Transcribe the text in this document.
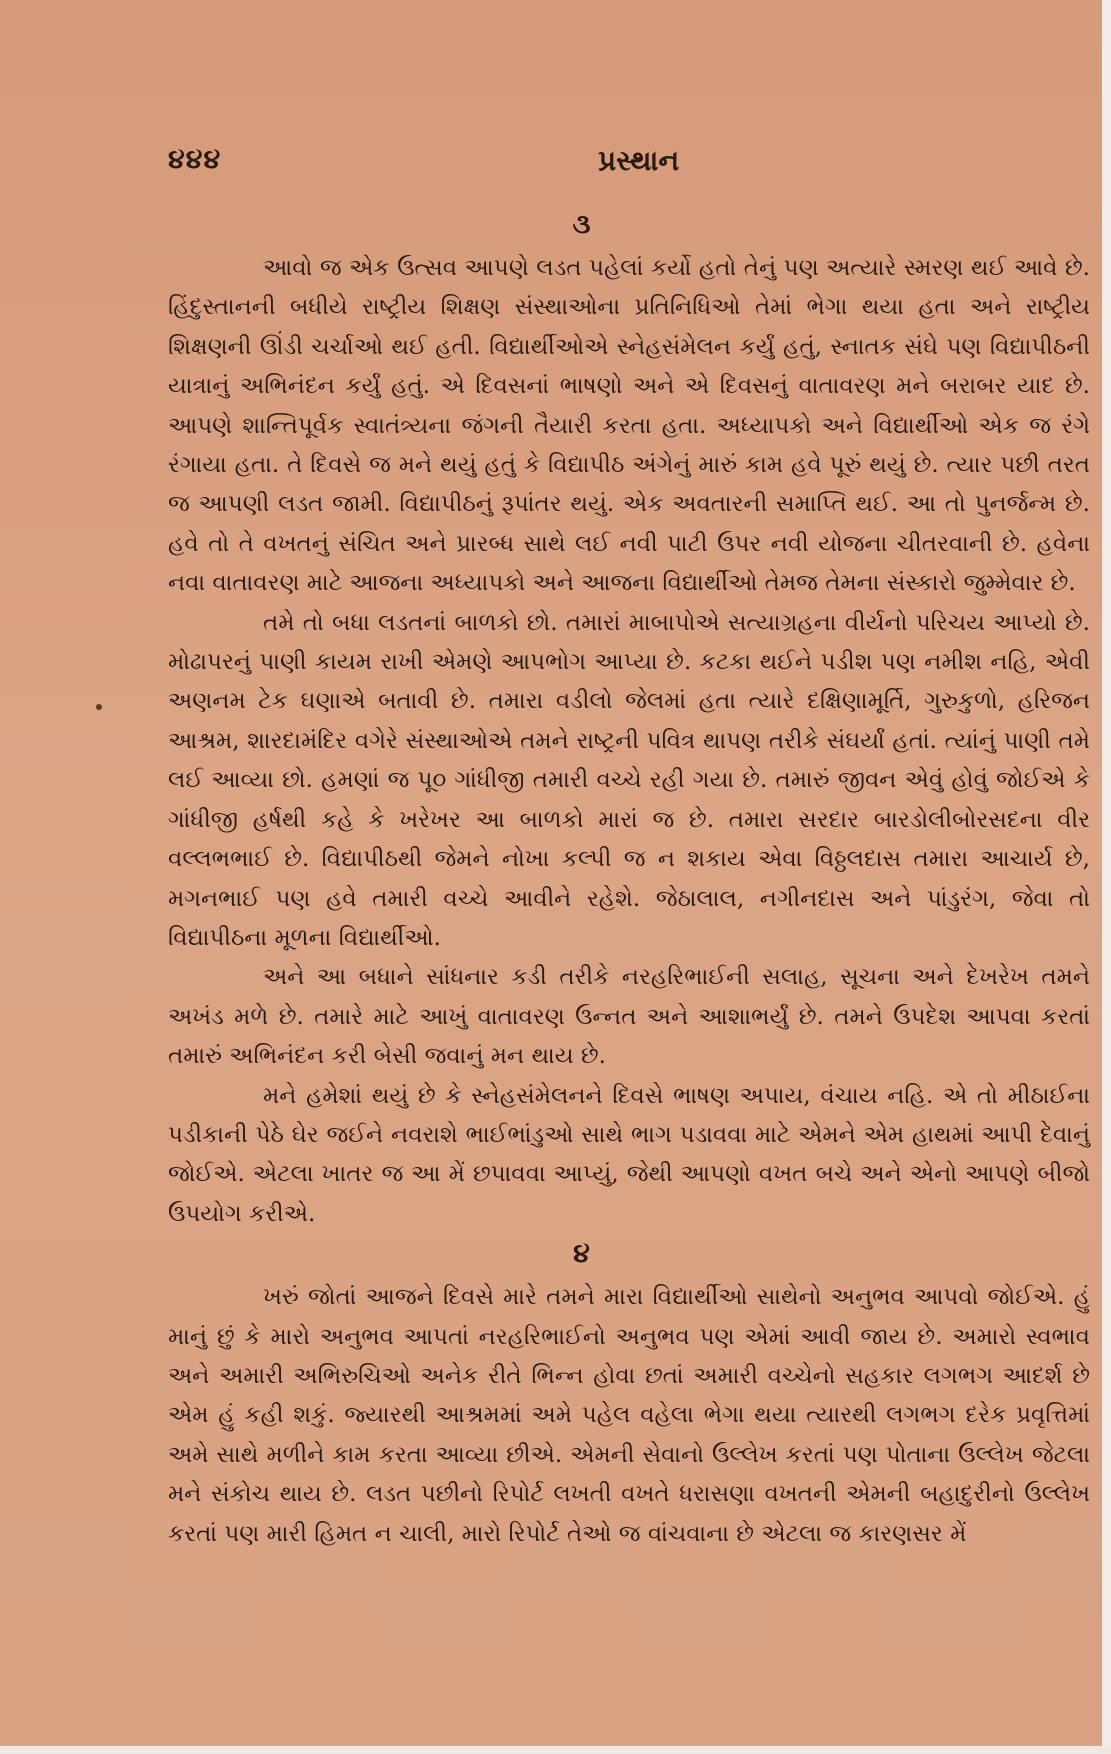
૪૪૪	પ્રસ્થાન
૩

આવો જ એક ઉત્સવ આપણે લડત પહેલાં કર્યો હતો તેનું પણ અત્યારે સ્મરણ થઈ આવે છે. હિંદુસ્તાનની બધીયે રાષ્ટ્રીય શિક્ષણ સંસ્થાઓના પ્રતિનિધિઓ તેમાં ભેગા થયા હતા અને રાષ્ટ્રીય શિક્ષણની ઊંડી ચર્ચાઓ થઈ હતી. વિદ્યાર્થીઓએ સ્નેહસંમેલન કર્યું હતું, સ્નાતક સંઘે પણ વિદ્યાપીઠની યાત્રાનું અભિનંદન કર્યું હતું. એ દિવસનાં ભાષણો અને એ દિવસનું વાતાવરણ મને બરાબર યાદ છે. આપણે શાન્તિપૂર્વક સ્વાતંત્ર્યના જંગની તૈયારી કરતા હતા. અધ્યાપકો અને વિદ્યાર્થીઓ એક જ રંગે રંગાયા હતા. તે દિવસે જ મને થયું હતું કે વિદ્યાપીઠ અંગેનું મારું કામ હવે પૂરું થયું છે. ત્યાર પછી તરત જ આપણી લડત જામી. વિદ્યાપીઠનું રૂપાંતર થયું. એક અવતારની સમાપ્તિ થઈ. આ તો પુનર્જન્મ છે. હવે તો તે વખતનું સંચિત અને પ્રારબ્ધ સાથે લઈ નવી પાટી ઉપર નવી યોજના ચીતરવાની છે. હવેના નવા વાતાવરણ માટે આજના અધ્યાપકો અને આજના વિદ્યાર્થીઓ તેમજ તેમના સંસ્કારો જુમ્મેવાર છે.

તમે તો બધા લડતનાં બાળકો છો. તમારાં માબાપોએ સત્યાગ્રહના વીર્યનો પરિચય આપ્યો છે. મોઢાપરનું પાણી કાયમ રાખી એમણે આપભોગ આપ્યા છે. કટકા થઈને પડીશ પણ નમીશ નહિ, એવી અણનમ ટેક ઘણાએ બતાવી છે. તમારા વડીલો જેલમાં હતા ત્યારે દક્ષિણામૂર્તિ, ગુરુકુળો, હરિજન આશ્રમ, શારદામંદિર વગેરે સંસ્થાઓએ તમને રાષ્ટ્રની પવિત્ર થાપણ તરીકે સંઘર્યાં હતાં. ત્યાંનું પાણી તમે લઈ આવ્યા છો. હમણાં જ પૂ૦ ગાંધીજી તમારી વચ્ચે રહી ગયા છે. તમારું જીવન એવું હોવું જોઈએ કે ગાંધીજી હર્ષથી કહે કે ખરેખર આ બાળકો મારાં જ છે. તમારા સરદાર બારડોલીબોરસદના વીર વલ્લભભાઈ છે. વિદ્યાપીઠથી જેમને નોખા કલ્પી જ ન શકાય એવા વિઠ્ઠલદાસ તમારા આચાર્ય છે, મગનભાઈ પણ હવે તમારી વચ્ચે આવીને રહેશે. જેઠાલાલ, નગીનદાસ અને પાંડુરંગ, જેવા તો વિદ્યાપીઠના મૂળના વિદ્યાર્થીઓ.

અને આ બધાને સાંધનાર કડી તરીકે નરહરિભાઈની સલાહ, સૂચના અને દેખરેખ તમને અખંડ મળે છે. તમારે માટે આખું વાતાવરણ ઉન્નત અને આશાભર્યું છે. તમને ઉપદેશ આપવા કરતાં તમારું અભિનંદન કરી બેસી જવાનું મન થાય છે.

મને હમેશાં થયું છે કે સ્નેહસંમેલનને દિવસે ભાષણ અપાય, વંચાય નહિ. એ તો મીઠાઈના પડીકાની પેઠે ઘેર જઈને નવરાશે ભાઈભાંડુઓ સાથે ભાગ પડાવવા માટે એમને એમ હાથમાં આપી દેવાનું જોઈએ. એટલા ખાતર જ આ મેં છપાવવા આપ્યું, જેથી આપણો વખત બચે અને એનો આપણે બીજો ઉપયોગ કરીએ.

૪

ખરું જોતાં આજને દિવસે મારે તમને મારા વિદ્યાર્થીઓ સાથેનો અનુભવ આપવો જોઈએ. હું માનું છું કે મારો અનુભવ આપતાં નરહરિભાઈનો અનુભવ પણ એમાં આવી જાય છે. અમારો સ્વભાવ અને અમારી અભિરુચિઓ અનેક રીતે ભિન્ન હોવા છતાં અમારી વચ્ચેનો સહકાર લગભગ આદર્શ છે એમ હું કહી શકું. જ્યારથી આશ્રમમાં અમે પહેલ વહેલા ભેગા થયા ત્યારથી લગભગ દરેક પ્રવૃત્તિમાં અમે સાથે મળીને કામ કરતા આવ્યા છીએ. એમની સેવાનો ઉલ્લેખ કરતાં પણ પોતાના ઉલ્લેખ જેટલા મને સંકોચ થાય છે. લડત પછીનો રિપોર્ટ લખતી વખતે ધરાસણા વખતની એમની બહાદુરીનો ઉલ્લેખ કરતાં પણ મારી હિમત ન ચાલી, મારો રિપોર્ટ તેઓ જ વાંચવાના છે એટલા જ કારણસર મેં
